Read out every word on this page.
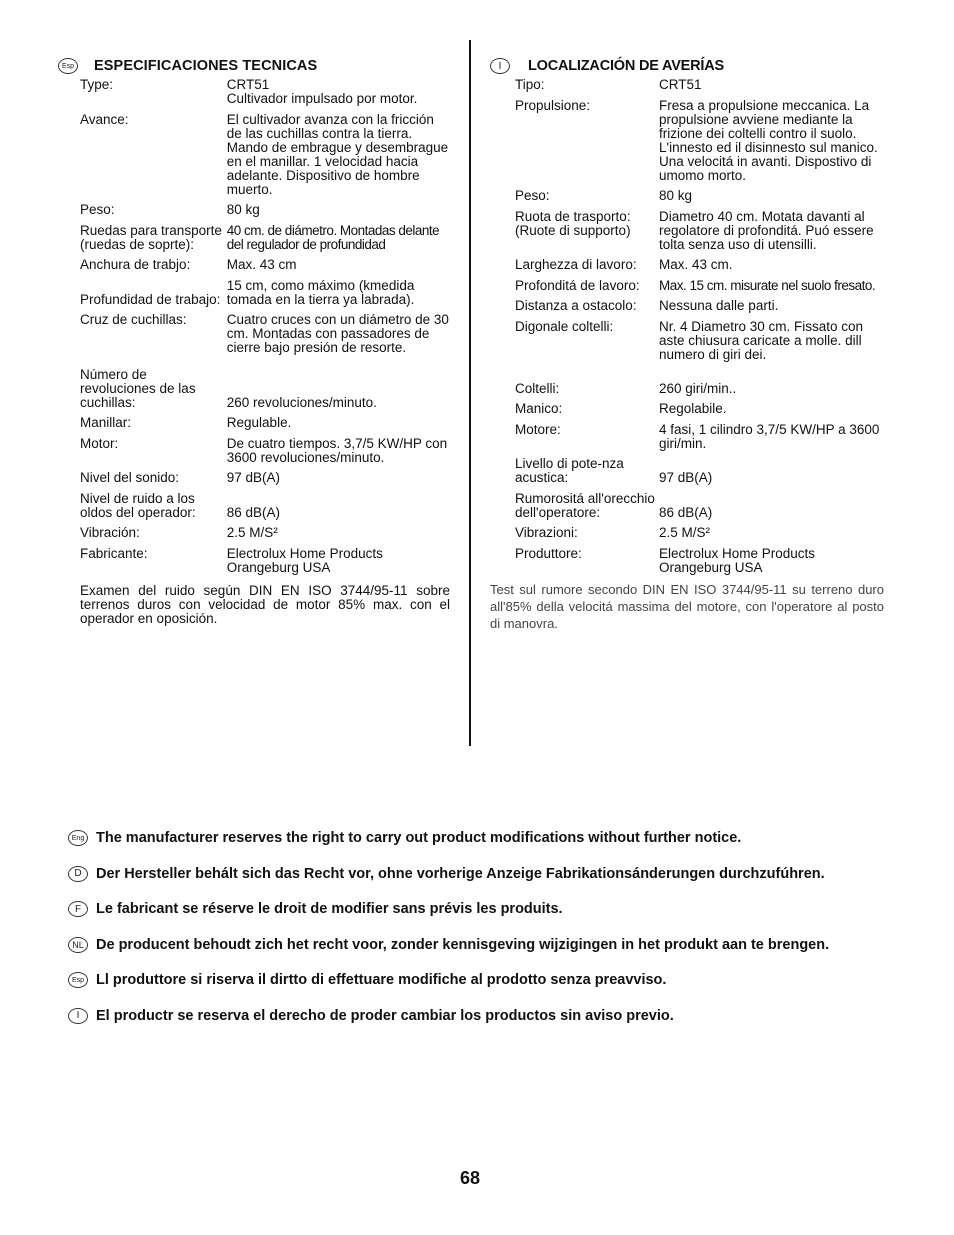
Esp ESPECIFICACIONES TECNICAS
Type:	CRT51
Cultivador impulsado por motor.
Avance:	El cultivador avanza con la fricción de las cuchillas contra la tierra. Mando de embrague y desembrague en el manillar. 1 velocidad hacia adelante. Dispositivo de hombre muerto.
Peso:	80 kg
Ruedas para transporte (ruedas de soprte):	40 cm. de diámetro. Montadas delante del regulador de profundidad
Anchura de trabjo:	Max. 43 cm
Profundidad de trabajo:	15 cm, como máximo (kmedida tomada en la tierra ya labrada).
Cruz de cuchillas:	Cuatro cruces con un diámetro de 30 cm. Montadas con passadores de cierre bajo presión de resorte.
Número de revoluciones de las cuchillas:	260 revoluciones/minuto.
Manillar:	Regulable.
Motor:	De cuatro tiempos. 3,7/5 KW/HP con 3600 revoluciones/minuto.
Nivel del sonido:	97 dB(A)
Nivel de ruido a los oldos del operador:	86 dB(A)
Vibración:	2.5 M/S²
Fabricante:	Electrolux Home Products
Orangeburg USA
Examen del ruido según DIN EN ISO 3744/95-11 sobre terrenos duros con velocidad de motor 85% max. con el operador en oposición.
I	LOCALIZACIÓN DE AVERÍAS
Tipo:	CRT51
Propulsione:	Fresa a propulsione meccanica. La propulsione avviene mediante la frizione dei coltelli contro il suolo. L'innesto ed il disinnesto sul manico. Una velocitá in avanti. Dispostivo di umomo morto.
Peso:	80 kg
Ruota de trasporto:
(Ruote di supporto)	Diametro 40 cm. Motata davanti al regolatore di profonditá. Puó essere tolta senza uso di utensilli.
Larghezza di lavoro:	Max. 43 cm.
Profonditá de lavoro:	Max. 15 cm. misurate nel suolo fresato.
Distanza a ostacolo:	Nessuna dalle parti.
Digonale coltelli:	Nr. 4 Diametro 30 cm. Fissato con aste chiusura caricate a molle. dill numero di giri dei.
Coltelli:	260 giri/min..
Manico:	Regolabile.
Motore:	4 fasi, 1 cilindro 3,7/5 KW/HP a 3600 giri/min.
Livello di pote-nza acustica:	97 dB(A)
Rumorositá all'orecchio dell'operatore:	86 dB(A)
Vibrazioni:	2.5 M/S²
Produttore:	Electrolux Home Products
Orangeburg USA
Test sul rumore secondo DIN EN ISO 3744/95-11 su terreno duro all'85% della velocitá massima del motore, con l'operatore al posto di manovra.
Eng The manufacturer reserves the right to carry out product modifications without further notice.
D Der Hersteller behált sich das Recht vor, ohne vorherige Anzeige Fabrikationsánderungen durchzufúhren.
F	Le fabricant se réserve le droit de modifier sans prévis les produits.
NL De producent behoudt zich het recht voor, zonder kennisgeving wijzigingen in het produkt aan te brengen.
Esp Ll produttore si riserva il dirtto di effettuare modifiche al prodotto senza preavviso.
I	El productr se reserva el derecho de proder cambiar los productos sin aviso previo.
68
